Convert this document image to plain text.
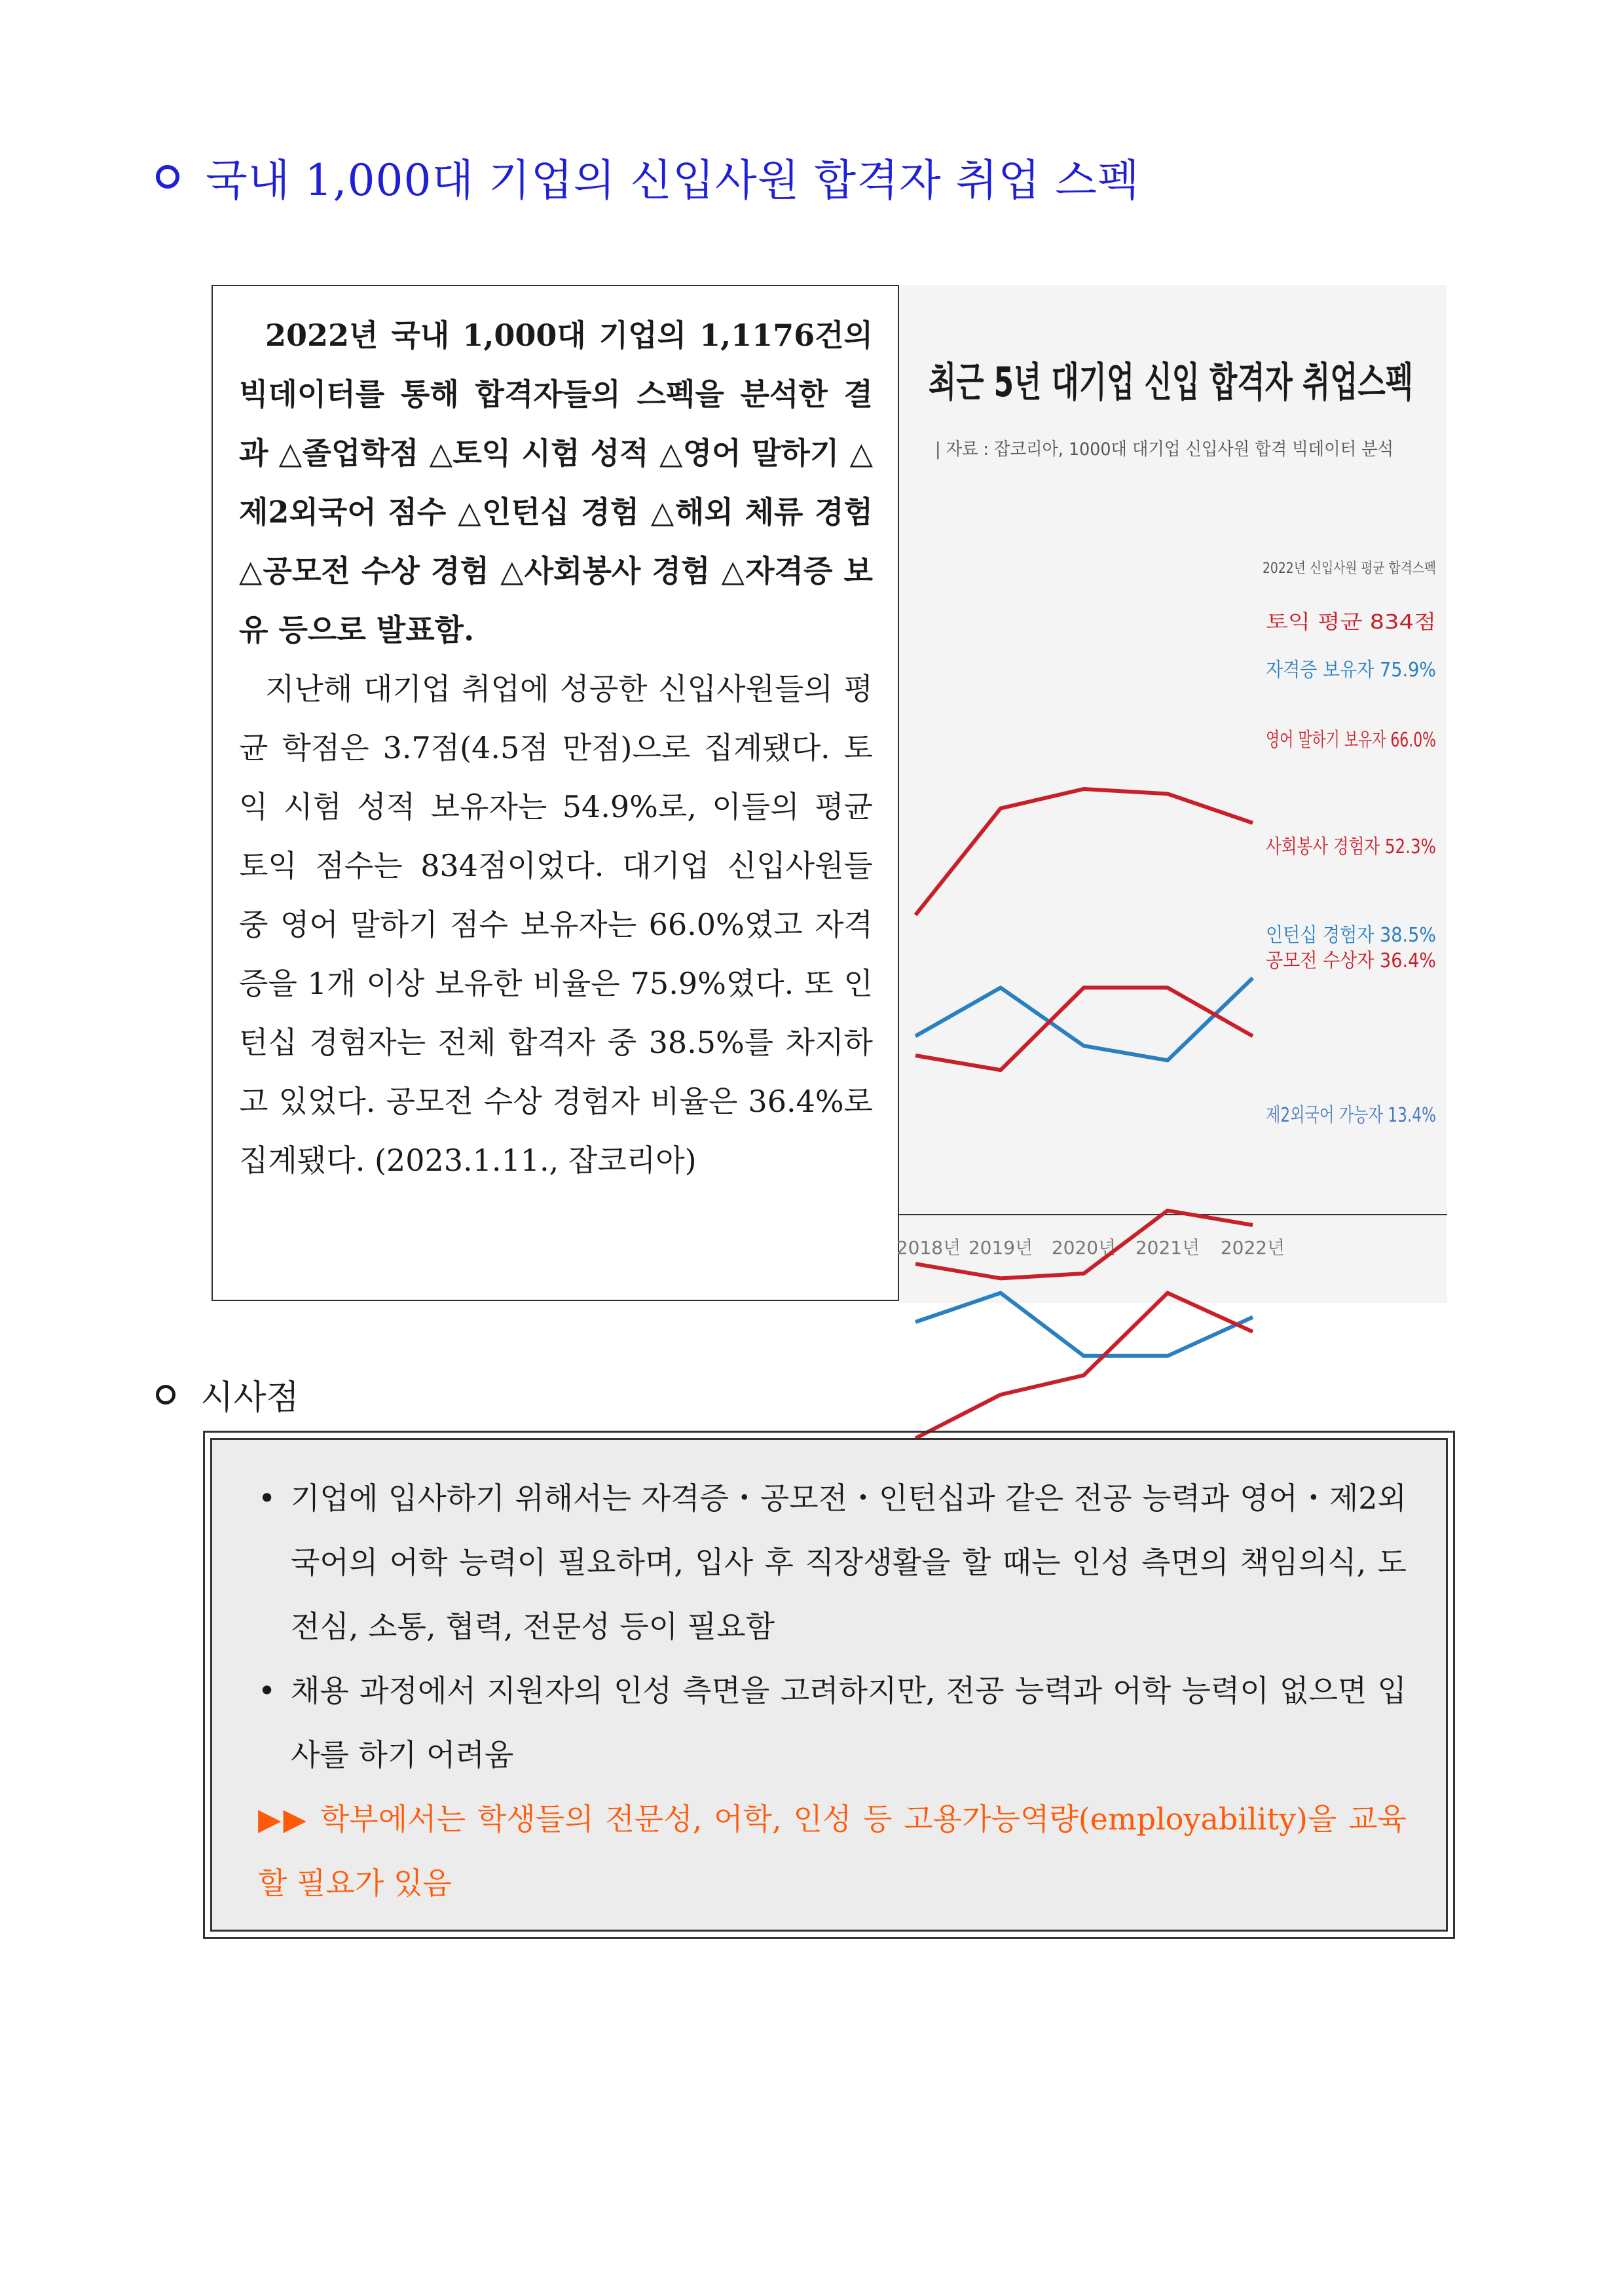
국내 1,000대 기업의 신입사원 합격자 취업 스펙

2022년 국내 1,000대 기업의 1,1176건의 빅데이터를 통해 합격자들의 스펙을 분석한 결과 △졸업학점 △토익 시험 성적 △영어 말하기 △제2외국어 점수 △인턴십 경험 △해외 체류 경험 △공모전 수상 경험 △사회봉사 경험 △자격증 보유 등으로 발표함.

지난해 대기업 취업에 성공한 신입사원들의 평균 학점은 3.7점(4.5점 만점)으로 집계됐다. 토익 시험 성적 보유자는 54.9%로, 이들의 평균 토익 점수는 834점이었다. 대기업 신입사원들 중 영어 말하기 점수 보유자는 66.0%였고 자격증을 1개 이상 보유한 비율은 75.9%였다. 또 인턴십 경험자는 전체 합격자 중 38.5%를 차지하고 있었다. 공모전 수상 경험자 비율은 36.4%로 집계됐다. (2023.1.11., 잡코리아)

최근 5년 대기업 신입 합격자 취업스펙
| 자료 : 잡코리아, 1000대 대기업 신입사원 합격 빅데이터 분석
2022년 신입사원 평균 합격스펙
2018년 2019년 2020년 2021년 2022년
토익 평균 834점
자격증 보유자 75.9%
영어 말하기 보유자 66.0%
사회봉사 경험자 52.3%
인턴십 경험자 38.5%
공모전 수상자 36.4%
제2외국어 가능자 13.4%
시사점
• 기업에 입사하기 위해서는 자격증・공모전・인턴십과 같은 전공 능력과 영어・제2외국어의 어학 능력이 필요하며, 입사 후 직장생활을 할 때는 인성 측면의 책임의식, 도전심, 소통, 협력, 전문성 등이 필요함
• 채용 과정에서 지원자의 인성 측면을 고려하지만, 전공 능력과 어학 능력이 없으면 입사를 하기 어려움
▶▶ 학부에서는 학생들의 전문성, 어학, 인성 등 고용가능역량(employability)을 교육할 필요가 있음
